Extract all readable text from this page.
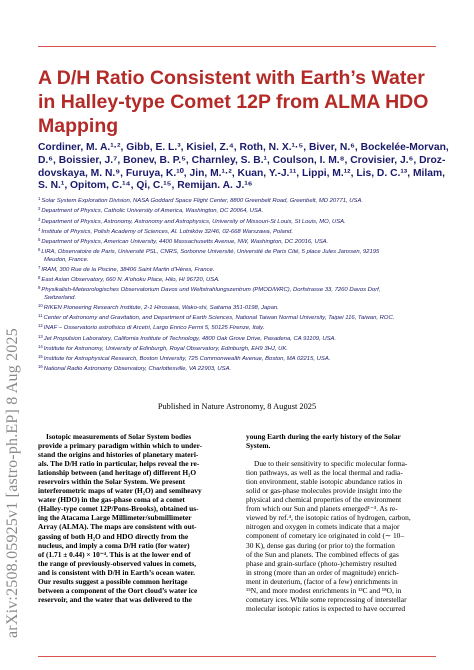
arXiv:2508.05925v1 [astro-ph.EP] 8 Aug 2025
A D/H Ratio Consistent with Earth’s Water
in Halley-type Comet 12P from ALMA HDO
Mapping
Cordiner, M. A.¹·², Gibb, E. L.³, Kisiel, Z.⁴, Roth, N. X.¹·⁵, Biver, N.⁶, Bockelée-Morvan,
D.⁶, Boissier, J.⁷, Bonev, B. P.⁵, Charnley, S. B.¹, Coulson, I. M.⁸, Crovisier, J.⁶, Droz-
dovskaya, M. N.⁹, Furuya, K.¹⁰, Jin, M.¹·², Kuan, Y.-J.¹¹, Lippi, M.¹², Lis, D. C.¹³, Milam,
S. N.¹, Opitom, C.¹⁴, Qi, C.¹⁵, Remijan. A. J.¹⁶
$^1$Solar System Exploration Division, NASA Goddard Space Flight Center, 8800 Greenbelt Road, Greenbelt, MD 20771, USA.
$^2$Department of Physics, Catholic University of America, Washington, DC 20064, USA.
$^3$Department of Physics, Astronomy, Astronomy and Astrophysics, University of Missouri-St Louis, St Louis, MO, USA.
$^4$Institute of Physics, Polish Academy of Sciences, Al. Lotników 32/46, 02-668 Warszawa, Poland.
$^5$Department of Physics, American University, 4400 Massachusetts Avenue, NW, Washington, DC 20016, USA.
$^6$LIRA, Observatoire de Paris, Université PSL, CNRS, Sorbonne Université, Université de Paris Cité, 5 place Jules Janssen, 92195
Meudon, France.
$^7$IRAM, 300 Rue de la Piscine, 38406 Saint Martin d'Hères, France.
$^8$East Asian Observatory, 660 N. A'ohoku Place, Hilo, HI 96720, USA.
$^9$Physikalish-Meteorologisches Observatorium Davos und Weltstrahlungszentrum (PMOD/WRC), Dorfstrasse 33, 7260 Davos Dorf,
Switzerland.
$^{10}$RIKEN Pioneering Research Institute, 2-1 Hirosawa, Wako-shi, Saitama 351-0198, Japan.
$^{11}$Center of Astronomy and Gravitation, and Department of Earth Sciences, National Taiwan Normal University, Taipei 116, Taiwan, ROC.
$^{12}$INAF – Osservatorio astrofisico di Arcetri, Largo Enrico Fermi 5, 50125 Firenze, Italy.
$^{13}$Jet Propulsion Laboratory, California Institute of Technology, 4800 Oak Grove Drive, Pasadena, CA 91109, USA.
$^{14}$Institute for Astronomy, University of Edinburgh, Royal Observatory, Edinburgh, EH9 3HJ, UK.
$^{15}$Institute for Astrophysical Research, Boston University, 725 Commonwealth Avenue, Boston, MA 02215, USA.
$^{16}$National Radio Astronomy Observatory, Charlottesville, VA 22903, USA.
Published in Nature Astronomy, 8 August 2025
Isotopic measurements of Solar System bodies
provide a primary paradigm within which to under-
stand the origins and histories of planetary materi-
als. The D/H ratio in particular, helps reveal the re-
lationship between (and heritage of) different H₂O
reservoirs within the Solar System. We present
interferometric maps of water (H₂O) and semiheavy
water (HDO) in the gas-phase coma of a comet
(Halley-type comet 12P/Pons-Brooks), obtained us-
ing the Atacama Large Millimeter/submillimeter
Array (ALMA). The maps are consistent with out-
gassing of both H₂O and HDO directly from the
nucleus, and imply a coma D/H ratio (for water)
of (1.71 ± 0.44) × 10⁻⁴. This is at the lower end of
the range of previously-observed values in comets,
and is consistent with D/H in Earth’s ocean water.
Our results suggest a possible common heritage
between a component of the Oort cloud’s water ice
reservoir, and the water that was delivered to the
young Earth during the early history of the Solar
System.
Due to their sensitivity to specific molecular forma-
tion pathways, as well as the local thermal and radia-
tion environment, stable isotopic abundance ratios in
solid or gas-phase molecules provide insight into the
physical and chemical properties of the environment
from which our Sun and planets emerged¹⁻³. As re-
viewed by ref.⁴, the isotopic ratios of hydrogen, carbon,
nitrogen and oxygen in comets indicate that a major
component of cometary ice originated in cold (∼ 10–
30 K), dense gas during (or prior to) the formation
of the Sun and planets. The combined effects of gas
phase and grain-surface (photo-)chemistry resulted
in strong (more than an order of magnitude) enrich-
ment in deuterium, (factor of a few) enrichments in
¹⁵N, and more modest enrichments in ¹³C and ¹⁸O, in
cometary ices. While some reprocessing of interstellar
molecular isotopic ratios is expected to have occurred
